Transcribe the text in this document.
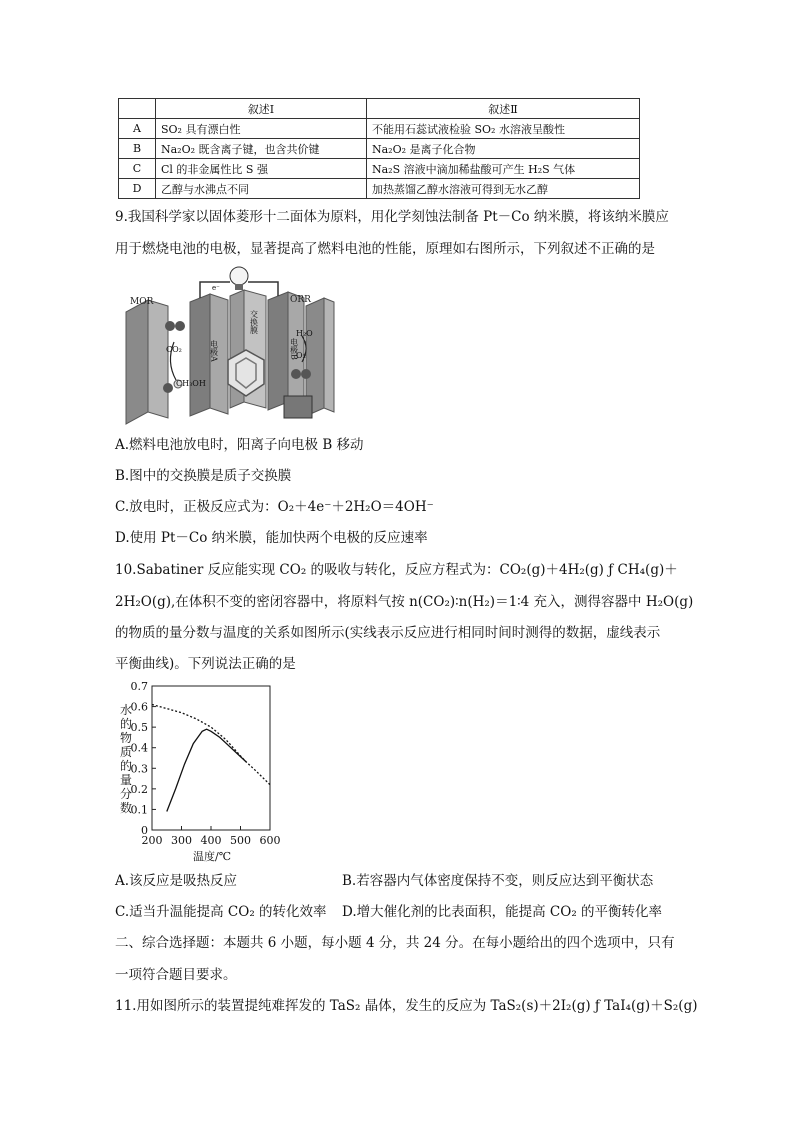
	叙述Ⅰ	叙述Ⅱ
A	SO₂ 具有漂白性	不能用石蕊试液检验 SO₂ 水溶液呈酸性
B	Na₂O₂ 既含离子键，也含共价键	Na₂O₂ 是离子化合物
C	Cl 的非金属性比 S 强	Na₂S 溶液中滴加稀盐酸可产生 H₂S 气体
D	乙醇与水沸点不同	加热蒸馏乙醇水溶液可得到无水乙醇
9.我国科学家以固体菱形十二面体为原料，用化学刻蚀法制备 Pt－Co 纳米膜，将该纳米膜应
用于燃烧电池的电极，显著提高了燃料电池的性能，原理如右图所示，下列叙述不正确的是
MOR	ORR
CO₂
CH₃OH
H₂O
O₂
电极A
交换膜
电极B
e⁻
A.燃料电池放电时，阳离子向电极 B 移动
B.图中的交换膜是质子交换膜
C.放电时，正极反应式为：O₂＋4e⁻＋2H₂O＝4OH⁻
D.使用 Pt－Co 纳米膜，能加快两个电极的反应速率
10.Sabatiner 反应能实现 CO₂ 的吸收与转化，反应方程式为：CO₂(g)＋4H₂(g) ƒ CH₄(g)＋
2H₂O(g),在体积不变的密闭容器中，将原料气按 n(CO₂)∶n(H₂)＝1∶4 充入，测得容器中 H₂O(g)
的物质的量分数与温度的关系如图所示(实线表示反应进行相同时间时测得的数据，虚线表示
平衡曲线)。下列说法正确的是
0
0.1
0.2
0.3
0.4
0.5
0.6
0.7
200 300 400 500 600
水的物质的量分数
温度/℃
A.该反应是吸热反应	B.若容器内气体密度保持不变，则反应达到平衡状态
C.适当升温能提高 CO₂ 的转化效率 D.增大催化剂的比表面积，能提高 CO₂ 的平衡转化率
二、综合选择题：本题共 6 小题，每小题 4 分，共 24 分。在每小题给出的四个选项中，只有
一项符合题目要求。
11.用如图所示的装置提纯难挥发的 TaS₂ 晶体，发生的反应为 TaS₂(s)＋2I₂(g) ƒ TaI₄(g)＋S₂(g)
